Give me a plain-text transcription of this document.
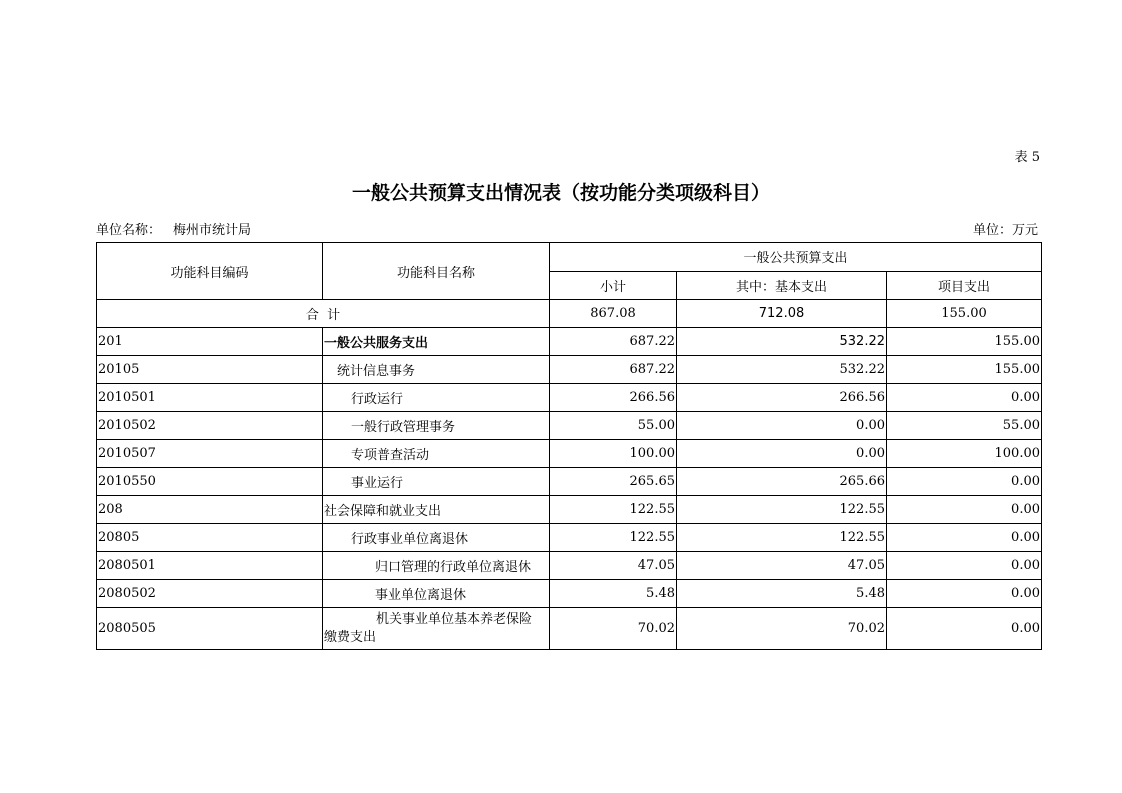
表 5
一般公共预算支出情况表（按功能分类项级科目）
单位名称： 梅州市统计局	单位：万元
功能科目编码	功能科目名称	一般公共预算支出		
		小计	其中：基本支出	项目支出
合  计		867.08	712.08	155.00
201	一般公共服务支出	687.22	532.22	155.00
20105	统计信息事务	687.22	532.22	155.00
2010501	行政运行	266.56	266.56	0.00
2010502	一般行政管理事务	55.00	0.00	55.00
2010507	专项普查活动	100.00	0.00	100.00
2010550	事业运行	265.65	265.66	0.00
208	社会保障和就业支出	122.55	122.55	0.00
20805	行政事业单位离退休	122.55	122.55	0.00
2080501	归口管理的行政单位离退休	47.05	47.05	0.00
2080502	事业单位离退休	5.48	5.48	0.00
2080505	机关事业单位基本养老保险
缴费支出	70.02	70.02	0.00
